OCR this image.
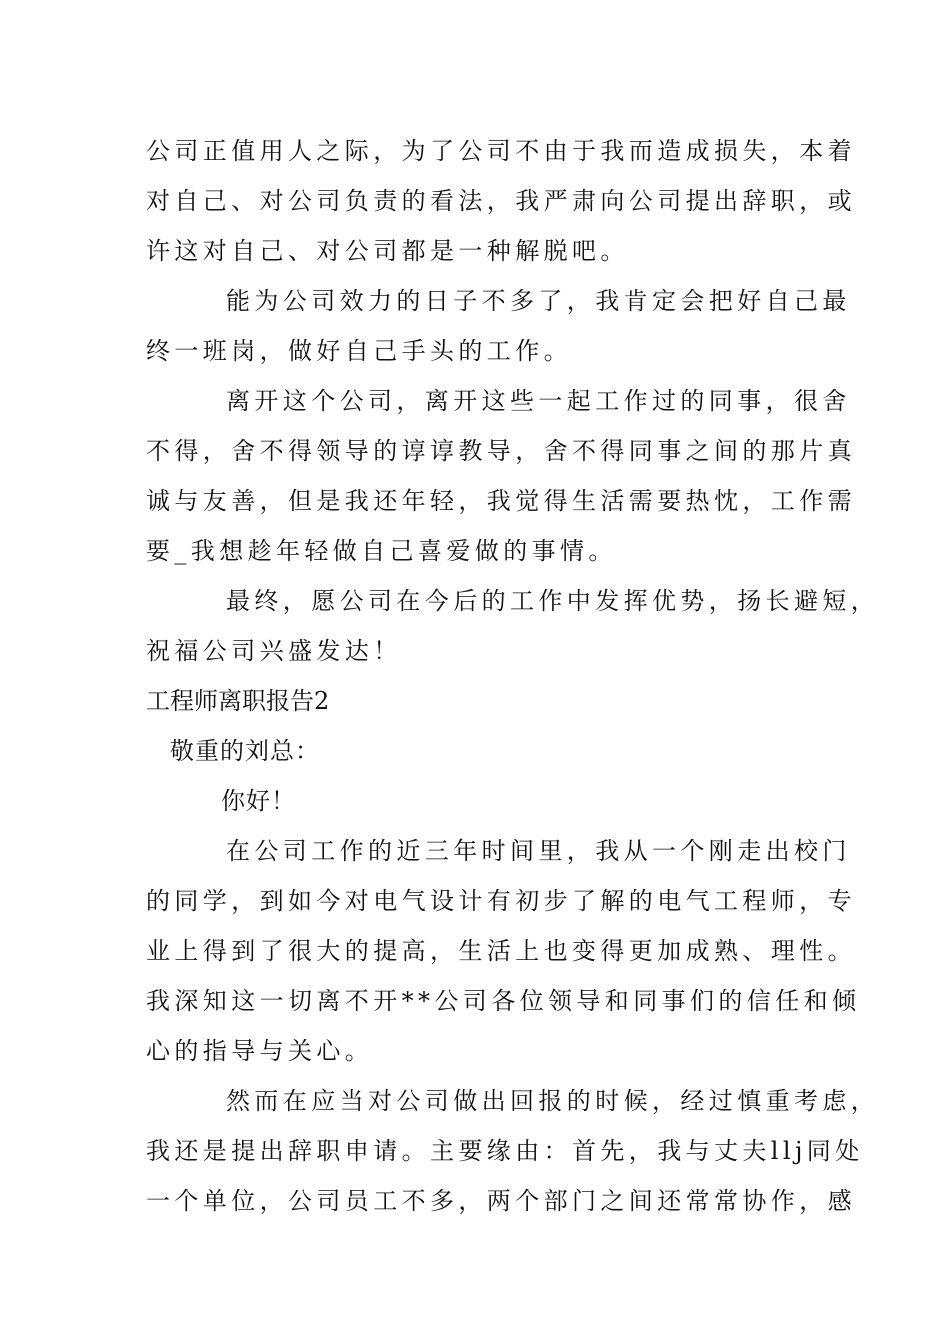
公司正值用人之际，为了公司不由于我而造成损失，本着
对自己、对公司负责的看法，我严肃向公司提出辞职，或
许这对自己、对公司都是一种解脱吧。
能为公司效力的日子不多了，我肯定会把好自己最
终一班岗，做好自己手头的工作。
离开这个公司，离开这些一起工作过的同事，很舍
不得，舍不得领导的谆谆教导，舍不得同事之间的那片真
诚与友善，但是我还年轻，我觉得生活需要热忱，工作需
要_我想趁年轻做自己喜爱做的事情。
最终，愿公司在今后的工作中发挥优势，扬长避短，
祝福公司兴盛发达！
工程师离职报告2
敬重的刘总：
你好！
在公司工作的近三年时间里，我从一个刚走出校门
的同学，到如今对电气设计有初步了解的电气工程师，专
业上得到了很大的提高，生活上也变得更加成熟、理性。
我深知这一切离不开**公司各位领导和同事们的信任和倾
心的指导与关心。
然而在应当对公司做出回报的时候，经过慎重考虑，
我还是提出辞职申请。主要缘由：首先，我与丈夫llj同处
一个单位，公司员工不多，两个部门之间还常常协作，感
